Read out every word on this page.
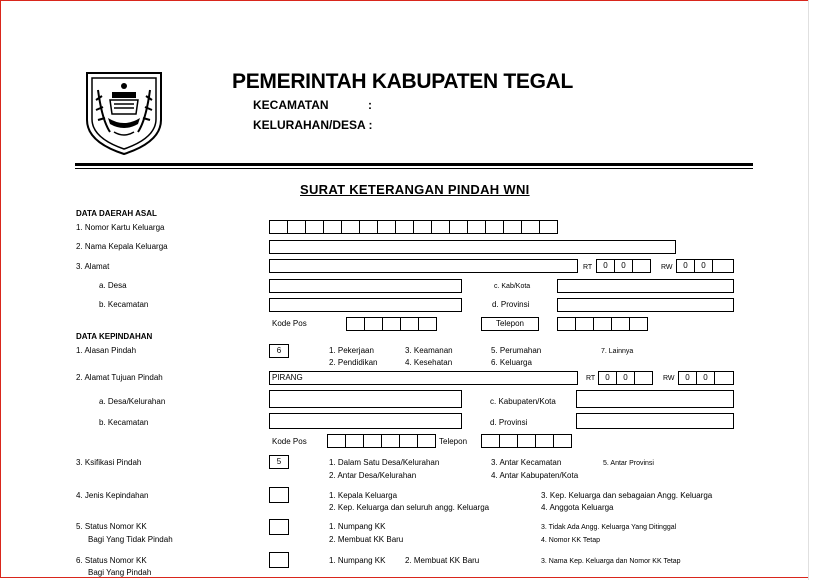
PEMERINTAH KABUPATEN TEGAL
KECAMATAN	:
KELURAHAN/DESA :
SURAT KETERANGAN PINDAH WNI
DATA DAERAH ASAL
1. Nomor Kartu Keluarga
2. Nama Kepala Keluarga
3. Alamat	RT	0	0	RW	0	0
a. Desa	c. Kab/Kota
b. Kecamatan	d. Provinsi
Kode Pos	Telepon
DATA KEPINDAHAN
1. Alasan Pindah	6	1. Pekerjaan	3. Keamanan	5. Perumahan	7. Lainnya
2. Pendidikan	4. Kesehatan	6. Keluarga
2. Alamat Tujuan Pindah	PIRANG	RT	0	0	RW	0	0
a. Desa/Kelurahan	c. Kabupaten/Kota
b. Kecamatan	d. Provinsi
Kode Pos	Telepon
3. Ksifikasi Pindah	5	1. Dalam Satu Desa/Kelurahan	3. Antar Kecamatan	5. Antar Provinsi
2. Antar Desa/Kelurahan	4. Antar Kabupaten/Kota
4. Jenis Kepindahan	1. Kepala Keluarga	3. Kep. Keluarga dan sebagaian Angg. Keluarga
2. Kep. Keluarga dan seluruh angg. Keluarga	4. Anggota Keluarga
5. Status Nomor KK
Bagi Yang Tidak Pindah
1. Numpang KK	3. Tidak Ada Angg. Keluarga Yang Ditinggal
2. Membuat KK Baru	4. Nomor KK Tetap
6. Status Nomor KK
Bagi Yang Pindah
1. Numpang KK 2. Membuat KK Baru	3. Nama Kep. Keluarga dan Nomor KK Tetap
